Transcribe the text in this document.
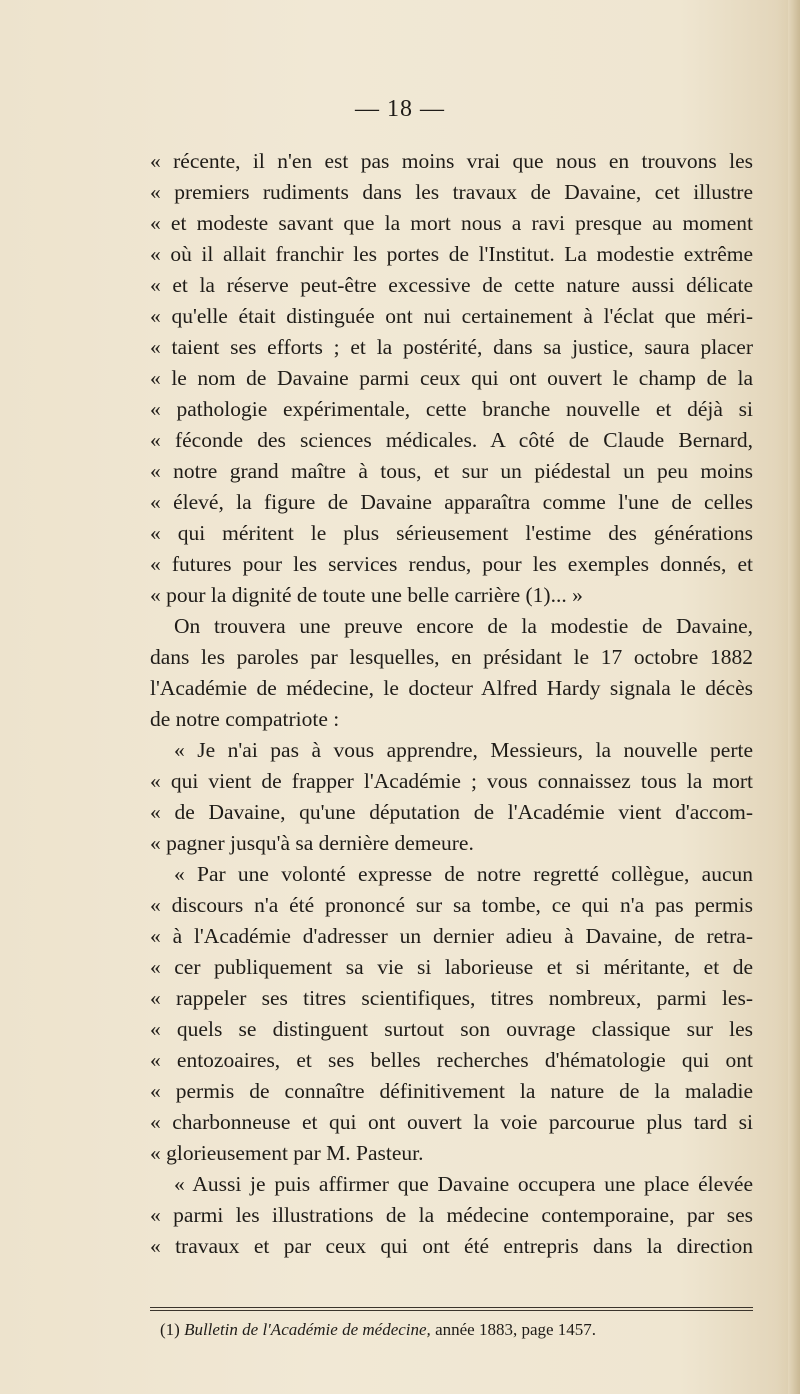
— 18 —
« récente, il n'en est pas moins vrai que nous en trouvons les
« premiers rudiments dans les travaux de Davaine, cet illustre
« et modeste savant que la mort nous a ravi presque au moment
« où il allait franchir les portes de l'Institut. La modestie extrême
« et la réserve peut-être excessive de cette nature aussi délicate
« qu'elle était distinguée ont nui certainement à l'éclat que méri-
« taient ses efforts ; et la postérité, dans sa justice, saura placer
« le nom de Davaine parmi ceux qui ont ouvert le champ de la
« pathologie expérimentale, cette branche nouvelle et déjà si
« féconde des sciences médicales. A côté de Claude Bernard,
« notre grand maître à tous, et sur un piédestal un peu moins
« élevé, la figure de Davaine apparaîtra comme l'une de celles
« qui méritent le plus sérieusement l'estime des générations
« futures pour les services rendus, pour les exemples donnés, et
« pour la dignité de toute une belle carrière (1)... »
On trouvera une preuve encore de la modestie de Davaine,
dans les paroles par lesquelles, en présidant le 17 octobre 1882
l'Académie de médecine, le docteur Alfred Hardy signala le décès
de notre compatriote :
« Je n'ai pas à vous apprendre, Messieurs, la nouvelle perte
« qui vient de frapper l'Académie ; vous connaissez tous la mort
« de Davaine, qu'une députation de l'Académie vient d'accom-
« pagner jusqu'à sa dernière demeure.
« Par une volonté expresse de notre regretté collègue, aucun
« discours n'a été prononcé sur sa tombe, ce qui n'a pas permis
« à l'Académie d'adresser un dernier adieu à Davaine, de retra-
« cer publiquement sa vie si laborieuse et si méritante, et de
« rappeler ses titres scientifiques, titres nombreux, parmi les-
« quels se distinguent surtout son ouvrage classique sur les
« entozoaires, et ses belles recherches d'hématologie qui ont
« permis de connaître définitivement la nature de la maladie
« charbonneuse et qui ont ouvert la voie parcourue plus tard si
« glorieusement par M. Pasteur.
« Aussi je puis affirmer que Davaine occupera une place élevée
« parmi les illustrations de la médecine contemporaine, par ses
« travaux et par ceux qui ont été entrepris dans la direction
(1) Bulletin de l'Académie de médecine, année 1883, page 1457.
